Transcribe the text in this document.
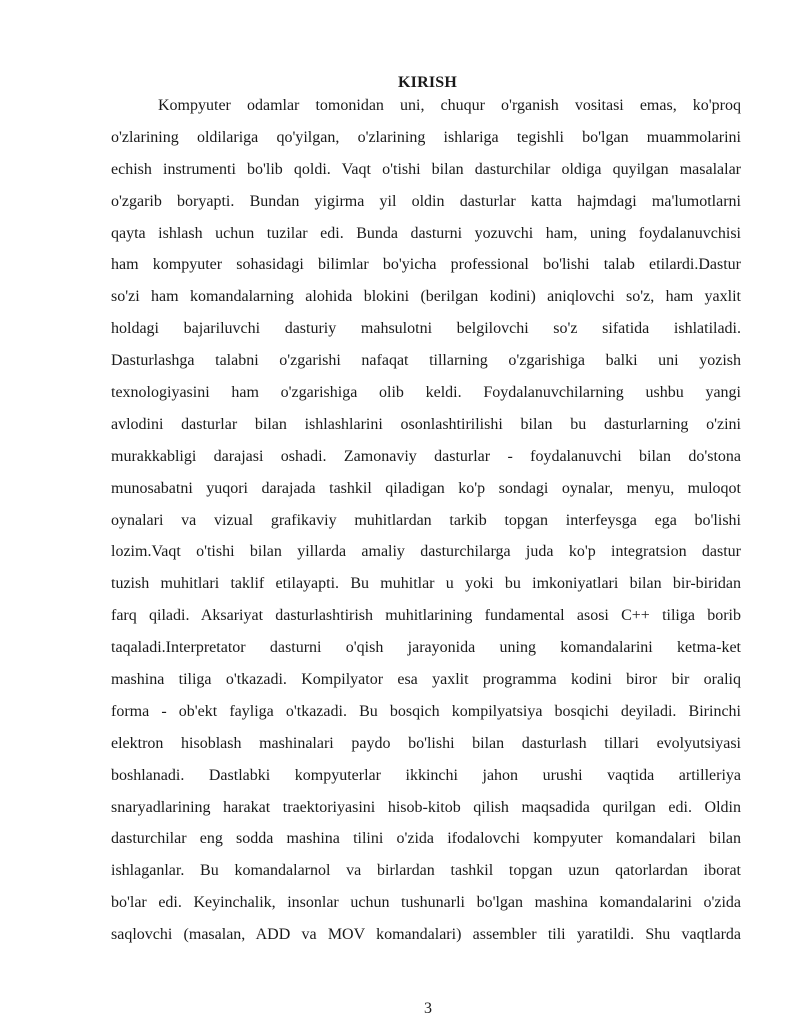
KIRISH
Kompyuter odamlar tomonidan uni, chuqur o'rganish vositasi emas, ko'proq
o'zlarining oldilariga qo'yilgan, o'zlarining ishlariga tegishli bo'lgan muammolarini
echish instrumenti bo'lib qoldi. Vaqt o'tishi bilan dasturchilar oldiga quyilgan masalalar
o'zgarib boryapti. Bundan yigirma yil oldin dasturlar katta hajmdagi ma'lumotlarni
qayta ishlash uchun tuzilar edi. Bunda dasturni yozuvchi ham, uning foydalanuvchisi
ham kompyuter sohasidagi bilimlar bo'yicha professional bo'lishi talab etilardi.Dastur
so'zi ham komandalarning alohida blokini (berilgan kodini) aniqlovchi so'z, ham yaxlit
holdagi bajariluvchi dasturiy mahsulotni belgilovchi so'z sifatida ishlatiladi.
Dasturlashga talabni o'zgarishi nafaqat tillarning o'zgarishiga balki uni yozish
texnologiyasini ham o'zgarishiga olib keldi. Foydalanuvchilarning ushbu yangi
avlodini dasturlar bilan ishlashlarini osonlashtirilishi bilan bu dasturlarning o'zini
murakkabligi darajasi oshadi. Zamonaviy dasturlar - foydalanuvchi bilan do'stona
munosabatni yuqori darajada tashkil qiladigan ko'p sondagi oynalar, menyu, muloqot
oynalari va vizual grafikaviy muhitlardan tarkib topgan interfeysga ega bo'lishi
lozim.Vaqt o'tishi bilan yillarda amaliy dasturchilarga juda ko'p integratsion dastur
tuzish muhitlari taklif etilayapti. Bu muhitlar u yoki bu imkoniyatlari bilan bir-biridan
farq qiladi. Aksariyat dasturlashtirish muhitlarining fundamental asosi C++ tiliga borib
taqaladi.Interpretator dasturni o'qish jarayonida uning komandalarini ketma-ket
mashina tiliga o'tkazadi. Kompilyator esa yaxlit programma kodini biror bir oraliq
forma - ob'ekt fayliga o'tkazadi. Bu bosqich kompilyatsiya bosqichi deyiladi. Birinchi
elektron hisoblash mashinalari paydo bo'lishi bilan dasturlash tillari evolyutsiyasi
boshlanadi. Dastlabki kompyuterlar ikkinchi jahon urushi vaqtida artilleriya
snaryadlarining harakat traektoriyasini hisob-kitob qilish maqsadida qurilgan edi. Oldin
dasturchilar eng sodda mashina tilini o'zida ifodalovchi kompyuter komandalari bilan
ishlaganlar. Bu komandalarnol va birlardan tashkil topgan uzun qatorlardan iborat
bo'lar edi. Keyinchalik, insonlar uchun tushunarli bo'lgan mashina komandalarini o'zida
saqlovchi (masalan, ADD va MOV komandalari) assembler tili yaratildi. Shu vaqtlarda
3
